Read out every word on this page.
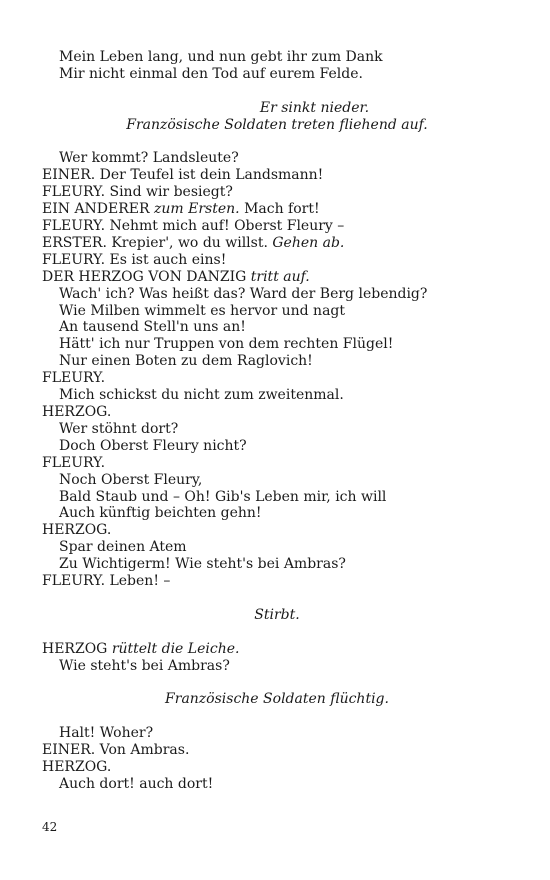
Mein Leben lang, und nun gebt ihr zum Dank
Mir nicht einmal den Tod auf eurem Felde.
Er sinkt nieder.
Französische Soldaten treten fliehend auf.
Wer kommt? Landsleute?
EINER. Der Teufel ist dein Landsmann!
FLEURY. Sind wir besiegt?
EIN ANDERER zum Ersten. Mach fort!
FLEURY. Nehmt mich auf! Oberst Fleury –
ERSTER. Krepier', wo du willst. Gehen ab.
FLEURY. Es ist auch eins!
DER HERZOG VON DANZIG tritt auf.
Wach' ich? Was heißt das? Ward der Berg lebendig?
Wie Milben wimmelt es hervor und nagt
An tausend Stell'n uns an!
Hätt' ich nur Truppen von dem rechten Flügel!
Nur einen Boten zu dem Raglovich!
FLEURY.
Mich schickst du nicht zum zweitenmal.
HERZOG.
Wer stöhnt dort?
Doch Oberst Fleury nicht?
FLEURY.
Noch Oberst Fleury,
Bald Staub und – Oh! Gib's Leben mir, ich will
Auch künftig beichten gehn!
HERZOG.
Spar deinen Atem
Zu Wichtigerm! Wie steht's bei Ambras?
FLEURY. Leben! –
Stirbt.
HERZOG rüttelt die Leiche.
Wie steht's bei Ambras?
Französische Soldaten flüchtig.
Halt! Woher?
EINER. Von Ambras.
HERZOG.
Auch dort! auch dort!
42
